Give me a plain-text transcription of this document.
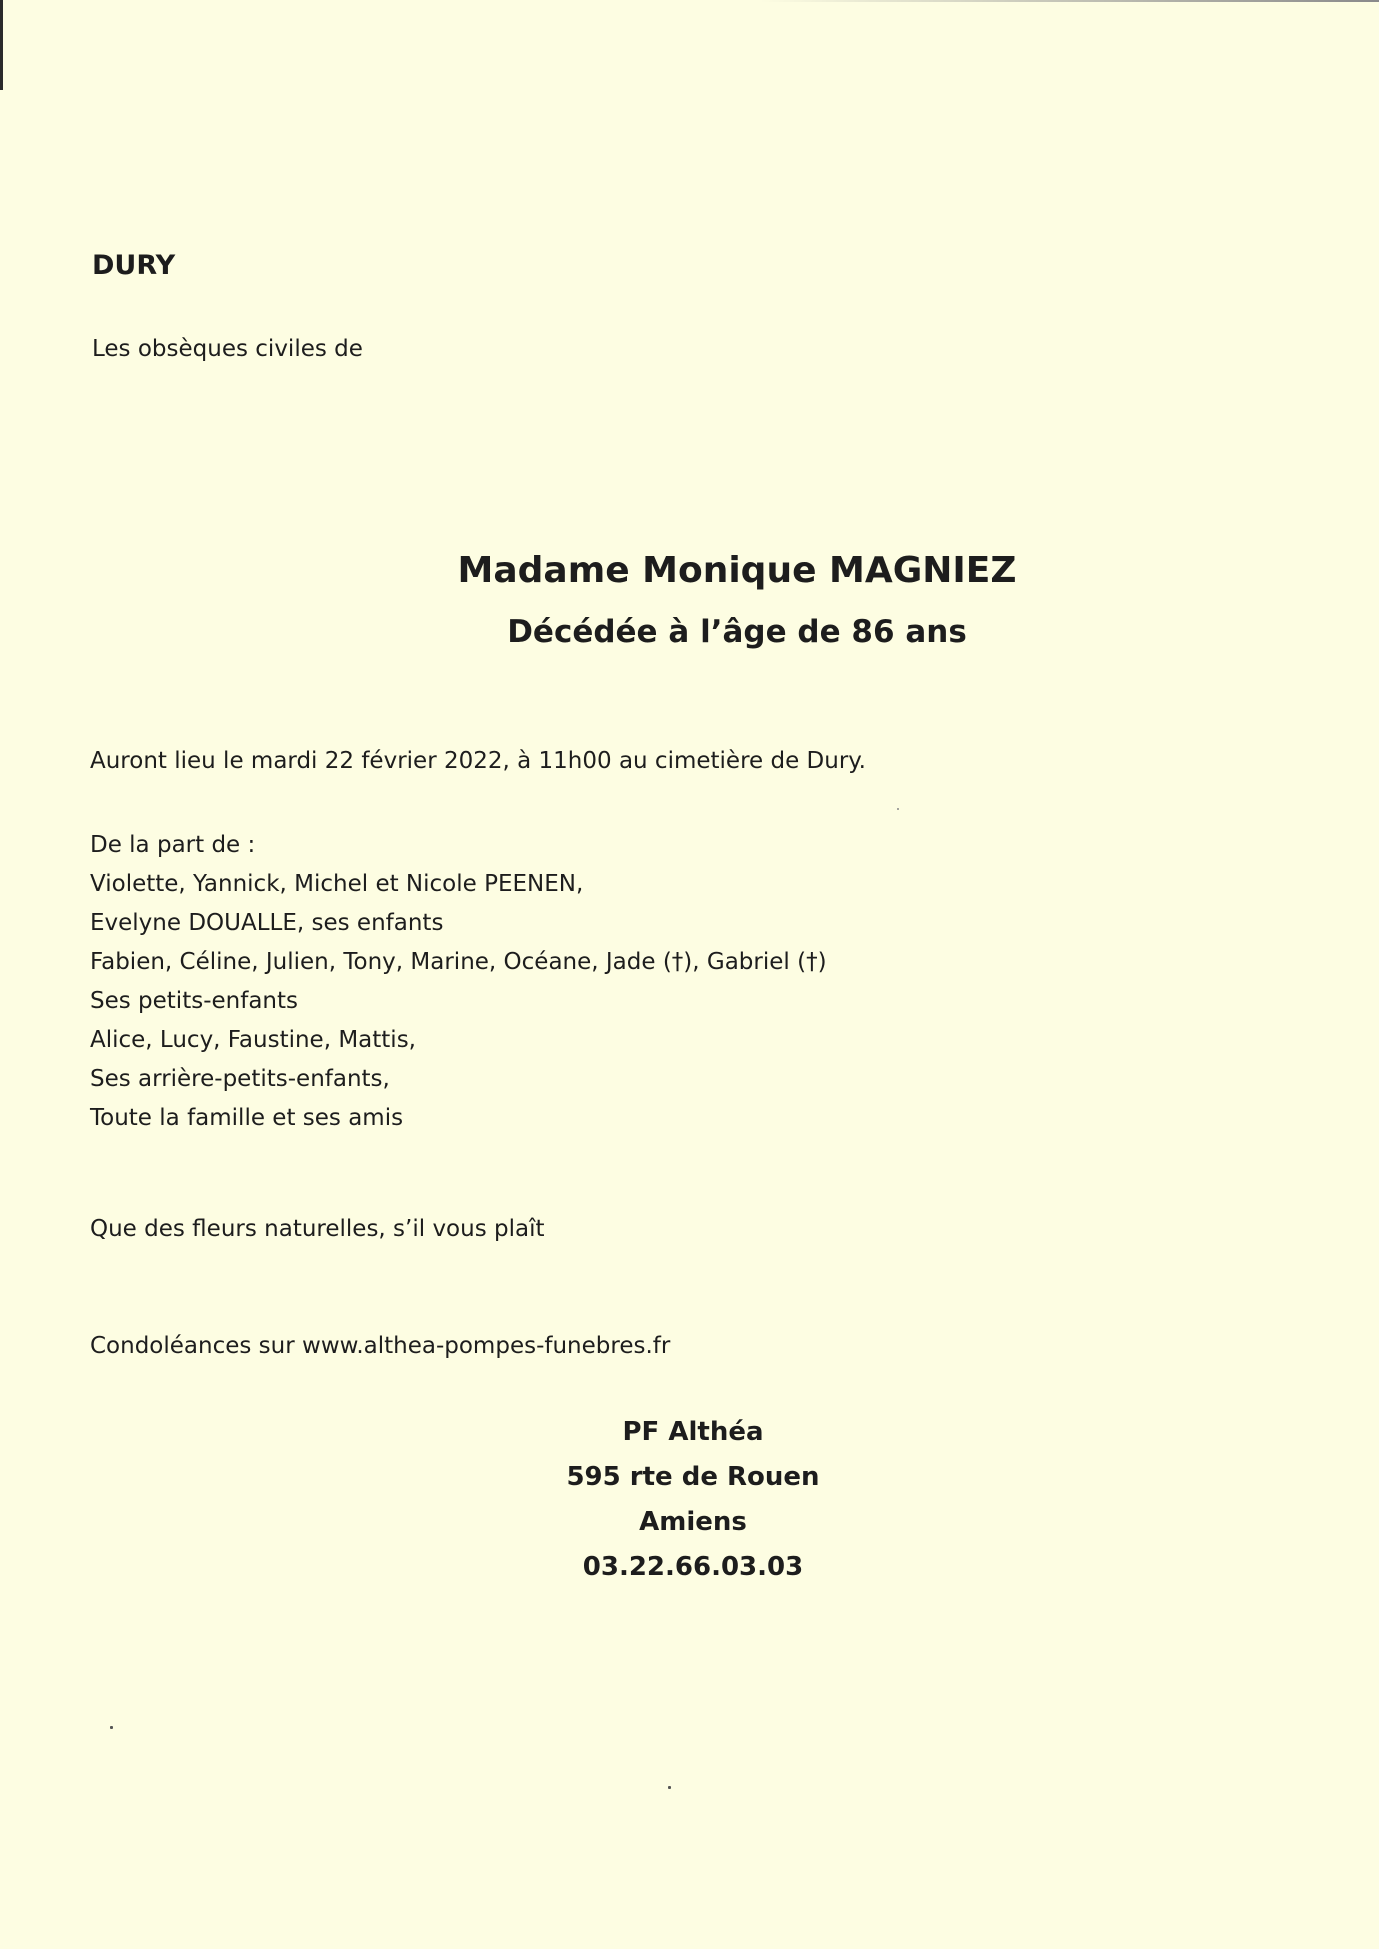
DURY

Les obsèques civiles de

Madame Monique MAGNIEZ

Décédée à l’âge de 86 ans

Auront lieu le mardi 22 février 2022, à 11h00 au cimetière de Dury.

De la part de :
Violette, Yannick, Michel et Nicole PEENEN,
Evelyne DOUALLE, ses enfants
Fabien, Céline, Julien, Tony, Marine, Océane, Jade (†), Gabriel (†)
Ses petits-enfants
Alice, Lucy, Faustine, Mattis,
Ses arrière-petits-enfants,
Toute la famille et ses amis

Que des fleurs naturelles, s’il vous plaît

Condoléances sur www.althea-pompes-funebres.fr

PF Althéa
595 rte de Rouen
Amiens
03.22.66.03.03
